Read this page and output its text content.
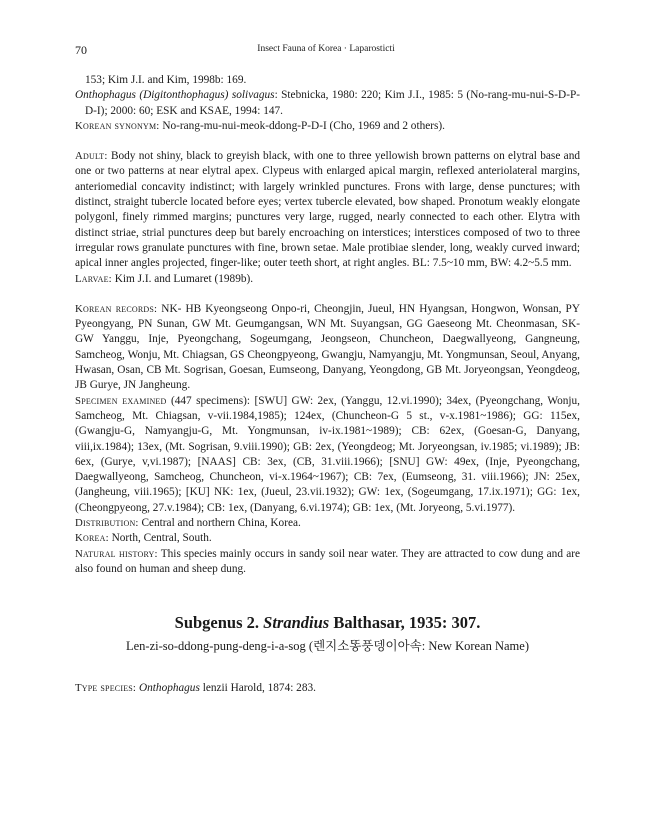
70	Insect Fauna of Korea · Laparosticti

153; Kim J.I. and Kim, 1998b: 169.

Onthophagus (Digitonthophagus) solivagus: Stebnicka, 1980: 220; Kim J.I., 1985: 5 (No-rang-mu-nui-S-D-P-D-I); 2000: 60; ESK and KSAE, 1994: 147.

Korean synonym: No-rang-mu-nui-meok-ddong-P-D-I (Cho, 1969 and 2 others).

Adult: Body not shiny, black to greyish black, with one to three yellowish brown patterns on elytral base and one or two patterns at near elytral apex. Clypeus with enlarged apical margin, reflexed anteriolateral margins, anteriomedial concavity indistinct; with largely wrinkled punctures. Frons with large, dense punctures; with distinct, straight tubercle located before eyes; vertex tubercle elevated, bow shaped. Pronotum weakly elongate polygonl, finely rimmed margins; punctures very large, rugged, nearly connected to each other. Elytra with distinct striae, strial punctures deep but barely encroaching on interstices; interstices composed of two to three irregular rows granulate punctures with fine, brown setae. Male protibiae slender, long, weakly curved inward; apical inner angles projected, finger-like; outer teeth short, at right angles. BL: 7.5~10 mm, BW: 4.2~5.5 mm.

Larvae: Kim J.I. and Lumaret (1989b).

Korean records: NK- HB Kyeongseong Onpo-ri, Cheongjin, Jueul, HN Hyangsan, Hongwon, Wonsan, PY Pyeongyang, PN Sunan, GW Mt. Geumgangsan, WN Mt. Suyangsan, GG Gaeseong Mt. Cheonmasan, SK- GW Yanggu, Inje, Pyeongchang, Sogeumgang, Jeongseon, Chuncheon, Daegwallyeong, Gangneung, Samcheog, Wonju, Mt. Chiagsan, GS Cheongpyeong, Gwangju, Namyangju, Mt. Yongmunsan, Seoul, Anyang, Hwasan, Osan, CB Mt. Sogrisan, Goesan, Eumseong, Danyang, Yeongdong, GB Mt. Joryeongsan, Yeongdeog, JB Gurye, JN Jangheung.

Specimen examined (447 specimens): [SWU] GW: 2ex, (Yanggu, 12.vi.1990); 34ex, (Pyeongchang, Wonju, Samcheog, Mt. Chiagsan, v-vii.1984,1985); 124ex, (Chuncheon-G 5 st., v-x.1981~1986); GG: 115ex, (Gwangju-G, Namyangju-G, Mt. Yongmunsan, iv-ix.1981~1989); CB: 62ex, (Goesan-G, Danyang, viii,ix.1984); 13ex, (Mt. Sogrisan, 9.viii.1990); GB: 2ex, (Yeongdeog; Mt. Joryeongsan, iv.1985; vi.1989); JB: 6ex, (Gurye, v,vi.1987); [NAAS] CB: 3ex, (CB, 31.viii.1966); [SNU] GW: 49ex, (Inje, Pyeongchang, Daegwallyeong, Samcheog, Chuncheon, vi-x.1964~1967); CB: 7ex, (Eumseong, 31. viii.1966); JN: 25ex, (Jangheung, viii.1965); [KU] NK: 1ex, (Jueul, 23.vii.1932); GW: 1ex, (Sogeumgang, 17.ix.1971); GG: 1ex, (Cheongpyeong, 27.v.1984); CB: 1ex, (Danyang, 6.vi.1974); GB: 1ex, (Mt. Joryeong, 5.vi.1977).

Distribution: Central and northern China, Korea.

Korea: North, Central, South.

Natural history: This species mainly occurs in sandy soil near water. They are attracted to cow dung and are also found on human and sheep dung.

Subgenus 2. Strandius Balthasar, 1935: 307.
Len-zi-so-ddong-pung-deng-i-a-sog (렌지소똥풍뎅이아속: New Korean Name)

Type species: Onthophagus lenzii Harold, 1874: 283.
